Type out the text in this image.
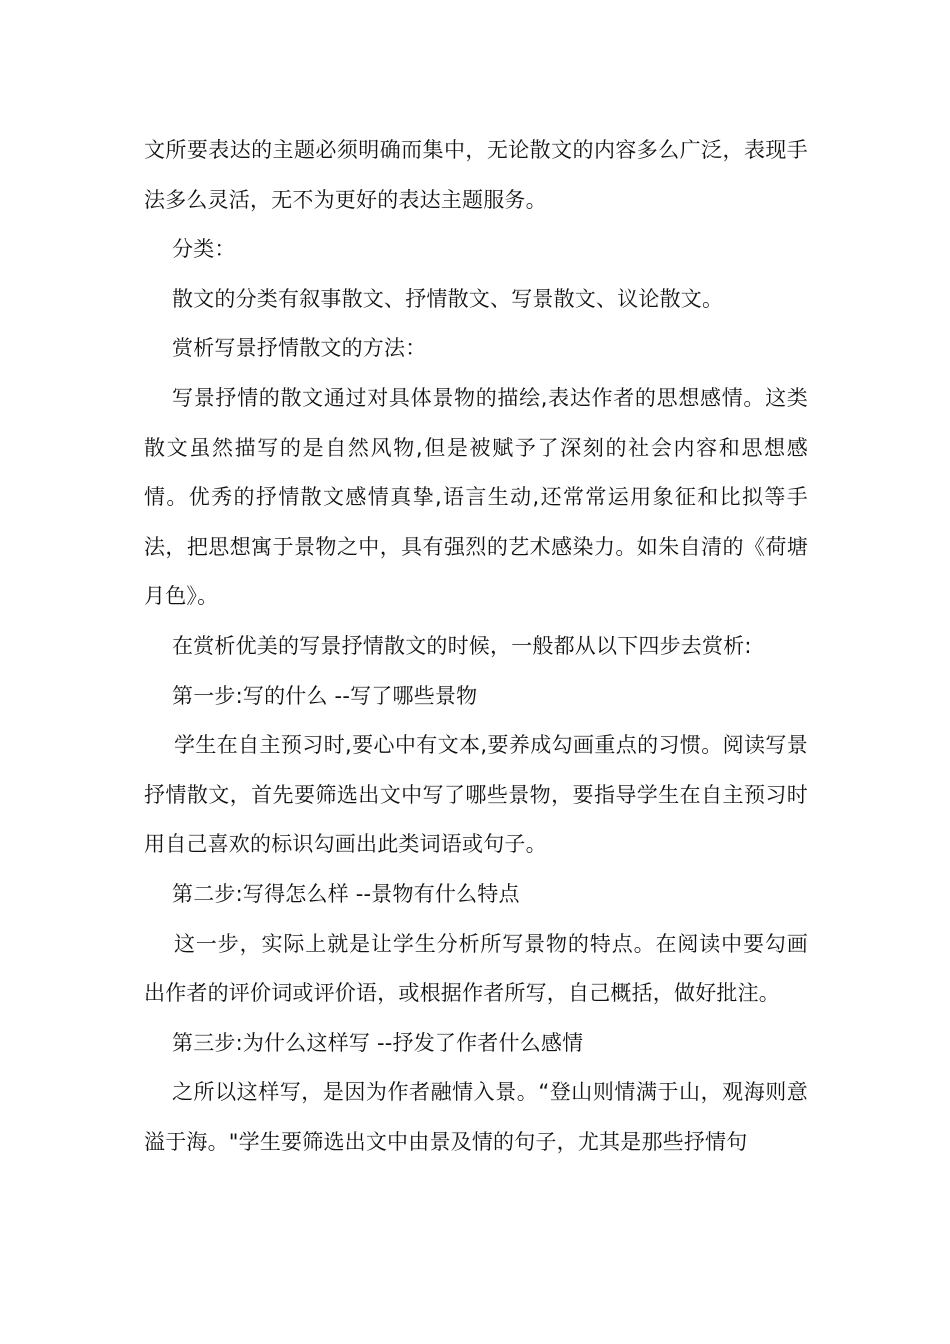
文所要表达的主题必须明确而集中，无论散文的内容多么广泛，表现手法多么灵活，无不为更好的表达主题服务。

分类：

散文的分类有叙事散文、抒情散文、写景散文、议论散文。

赏析写景抒情散文的方法：

写景抒情的散文通过对具体景物的描绘,表达作者的思想感情。这类散文虽然描写的是自然风物,但是被赋予了深刻的社会内容和思想感情。优秀的抒情散文感情真挚,语言生动,还常常运用象征和比拟等手法，把思想寓于景物之中，具有强烈的艺术感染力。如朱自清的《荷塘月色》。

在赏析优美的写景抒情散文的时候，一般都从以下四步去赏析:

第一步:写的什么 --写了哪些景物

学生在自主预习时,要心中有文本,要养成勾画重点的习惯。阅读写景抒情散文，首先要筛选出文中写了哪些景物，要指导学生在自主预习时用自己喜欢的标识勾画出此类词语或句子。

第二步:写得怎么样 --景物有什么特点

这一步，实际上就是让学生分析所写景物的特点。在阅读中要勾画出作者的评价词或评价语，或根据作者所写，自己概括，做好批注。

第三步:为什么这样写 --抒发了作者什么感情

之所以这样写，是因为作者融情入景。“登山则情满于山，观海则意溢于海。"学生要筛选出文中由景及情的句子，尤其是那些抒情句
